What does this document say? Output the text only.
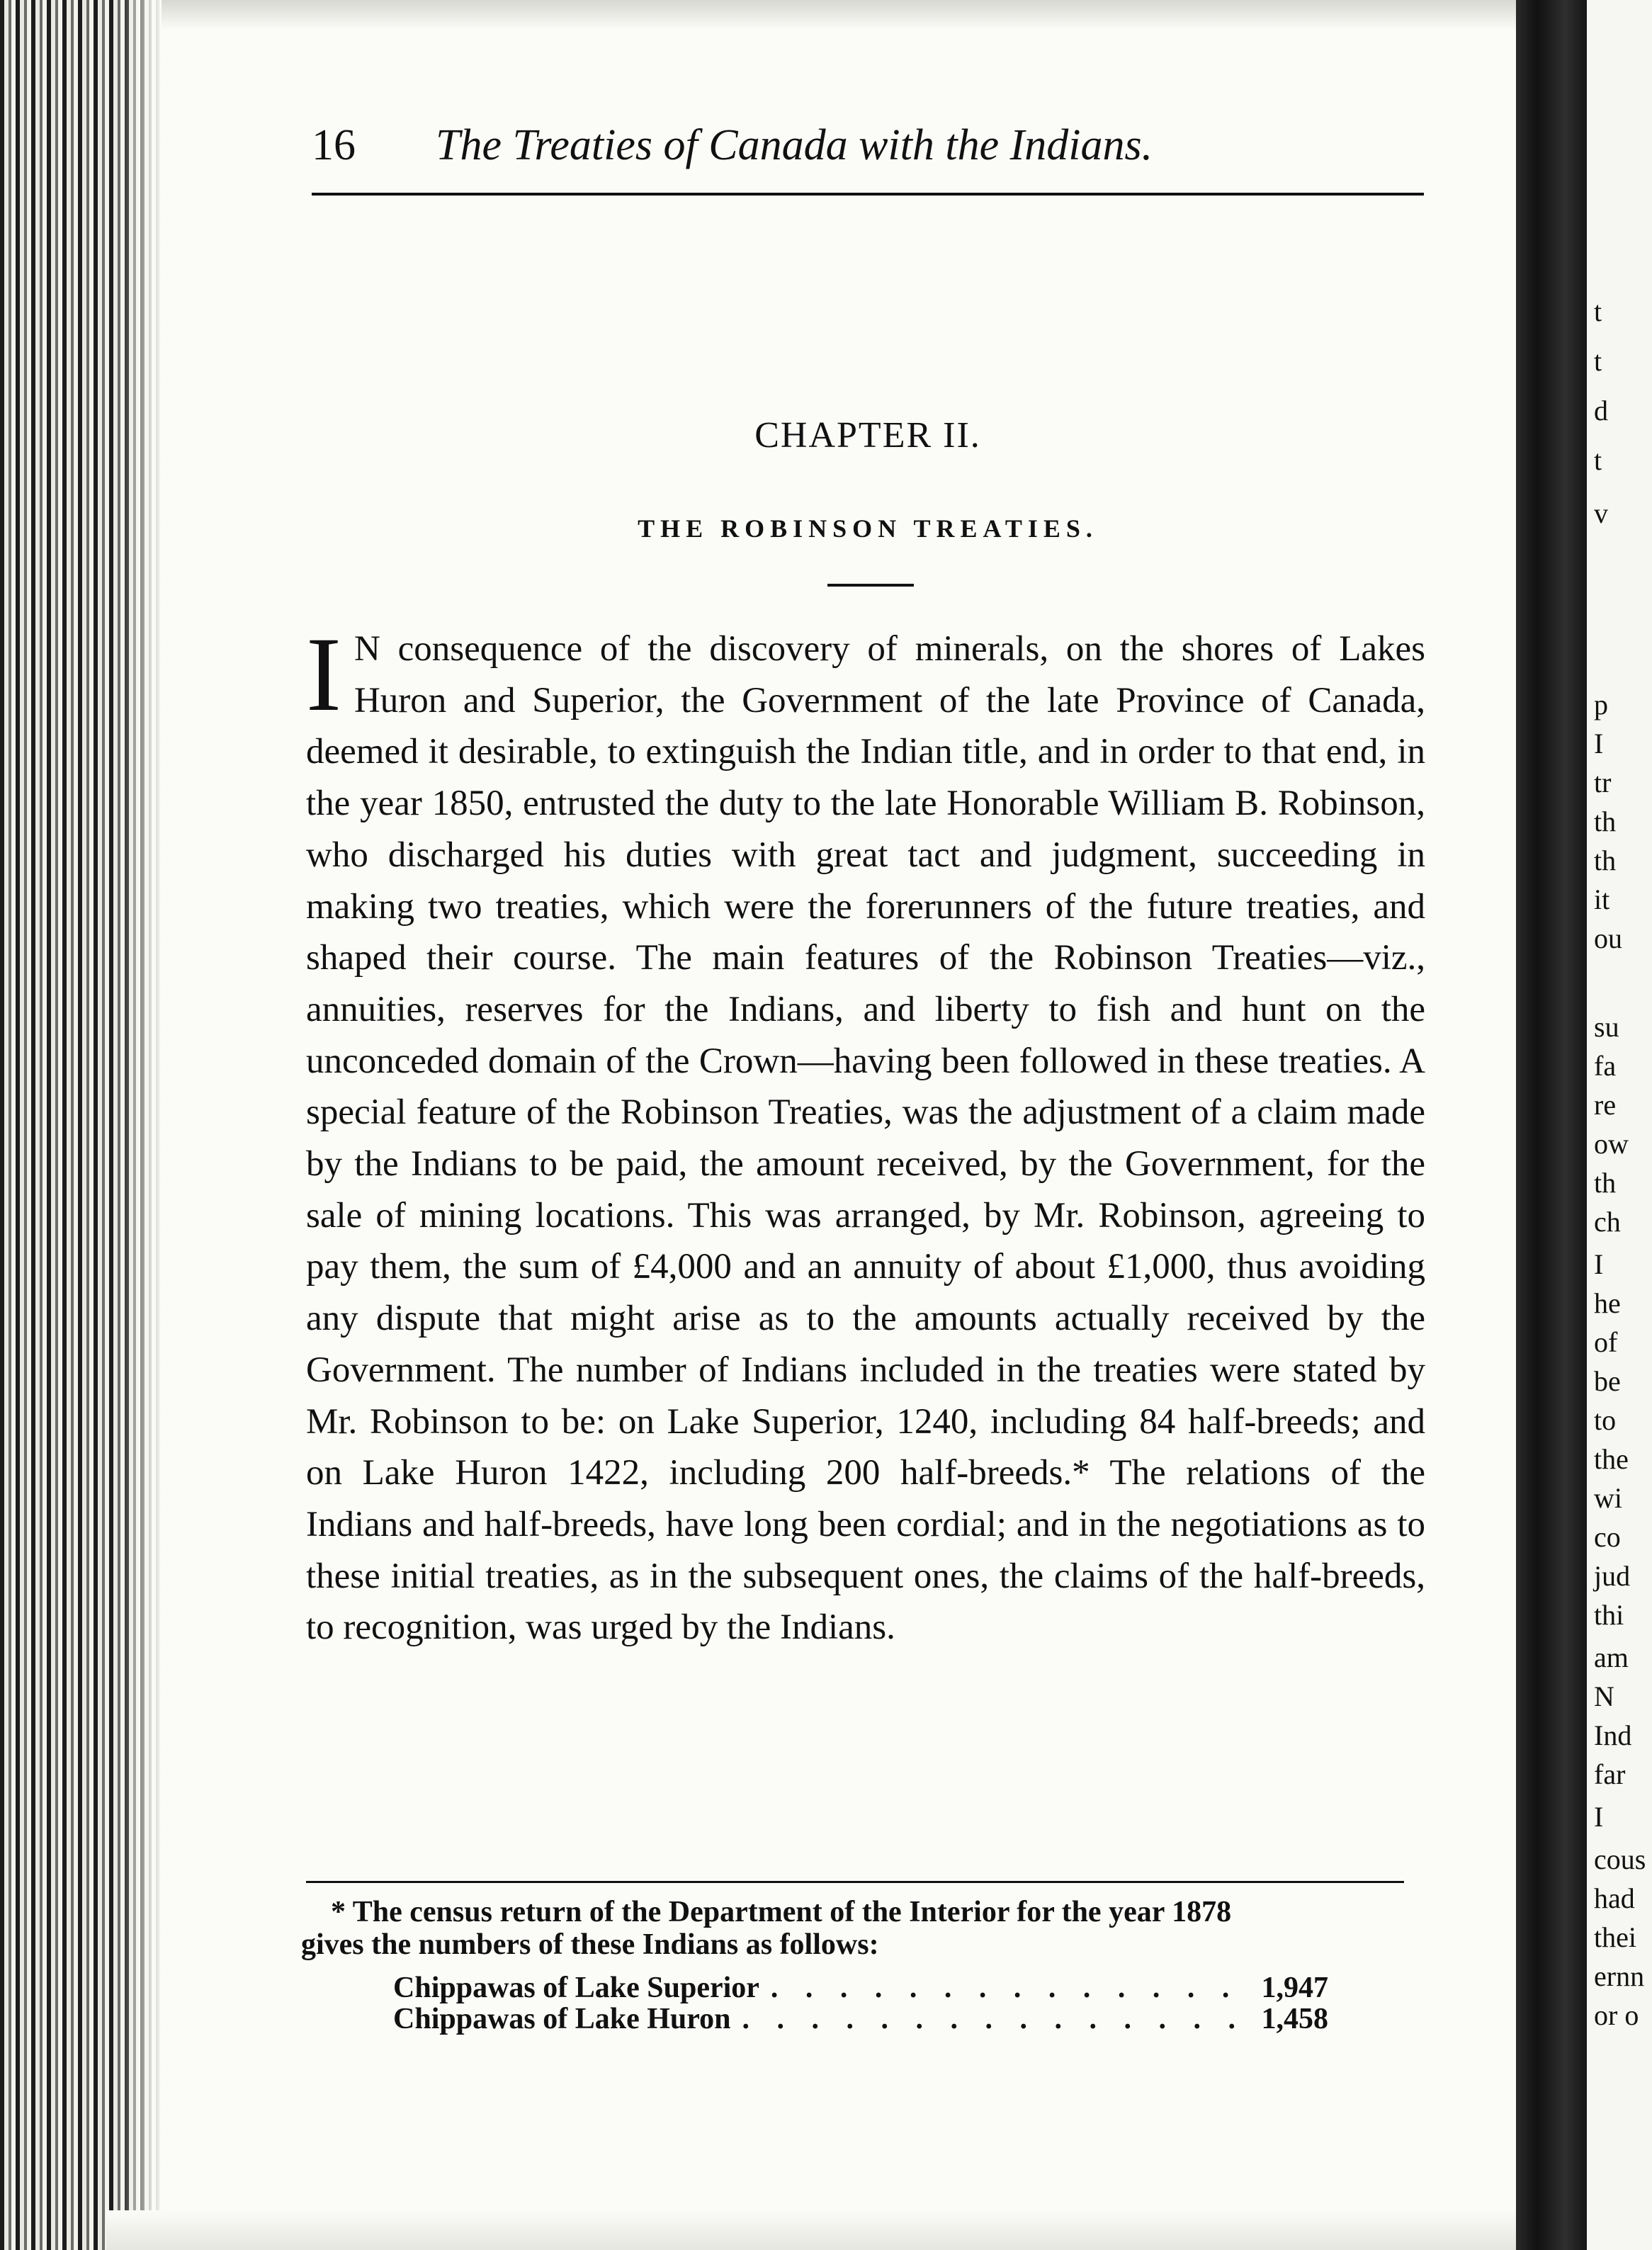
16 The Treaties of Canada with the Indians.
CHAPTER II.
THE ROBINSON TREATIES.
I N consequence of the discovery of minerals, on the shores of Lakes Huron and Superior, the Government of the late Province of Canada, deemed it desirable, to extinguish the Indian title, and in order to that end, in the year 1850, entrusted the duty to the late Honorable William B. Robinson, who discharged his duties with great tact and judgment, succeeding in making two treaties, which were the forerunners of the future treaties, and shaped their course. The main features of the Robinson Treaties—viz., annuities, reserves for the Indians, and liberty to fish and hunt on the unconceded domain of the Crown—having been followed in these treaties. A special feature of the Robinson Treaties, was the adjustment of a claim made by the Indians to be paid, the amount received, by the Government, for the sale of mining locations. This was arranged, by Mr. Robinson, agreeing to pay them, the sum of £4,000 and an annuity of about £1,000, thus avoiding any dispute that might arise as to the amounts actually received by the Government. The number of Indians included in the treaties were stated by Mr. Robinson to be: on Lake Superior, 1240, including 84 half-breeds; and on Lake Huron 1422, including 200 half-breeds.* The relations of the Indians and half-breeds, have long been cordial; and in the negotiations as to these initial treaties, as in the subsequent ones, the claims of the half-breeds, to recognition, was urged by the Indians.
* The census return of the Department of the Interior for the year 1878
gives the numbers of these Indians as follows:
Chippawas of Lake Superior . . .	1,947
Chippawas of Lake Huron . . .	1,458
t
t
d
t
v
p
I
tr
th
th
it
ou
su
fa
re
ow
th
ch
I
he
of
be
to
the
wi
co
jud
thi
am
N
Ind
far
I
cous
had
thei
ernn
or o
